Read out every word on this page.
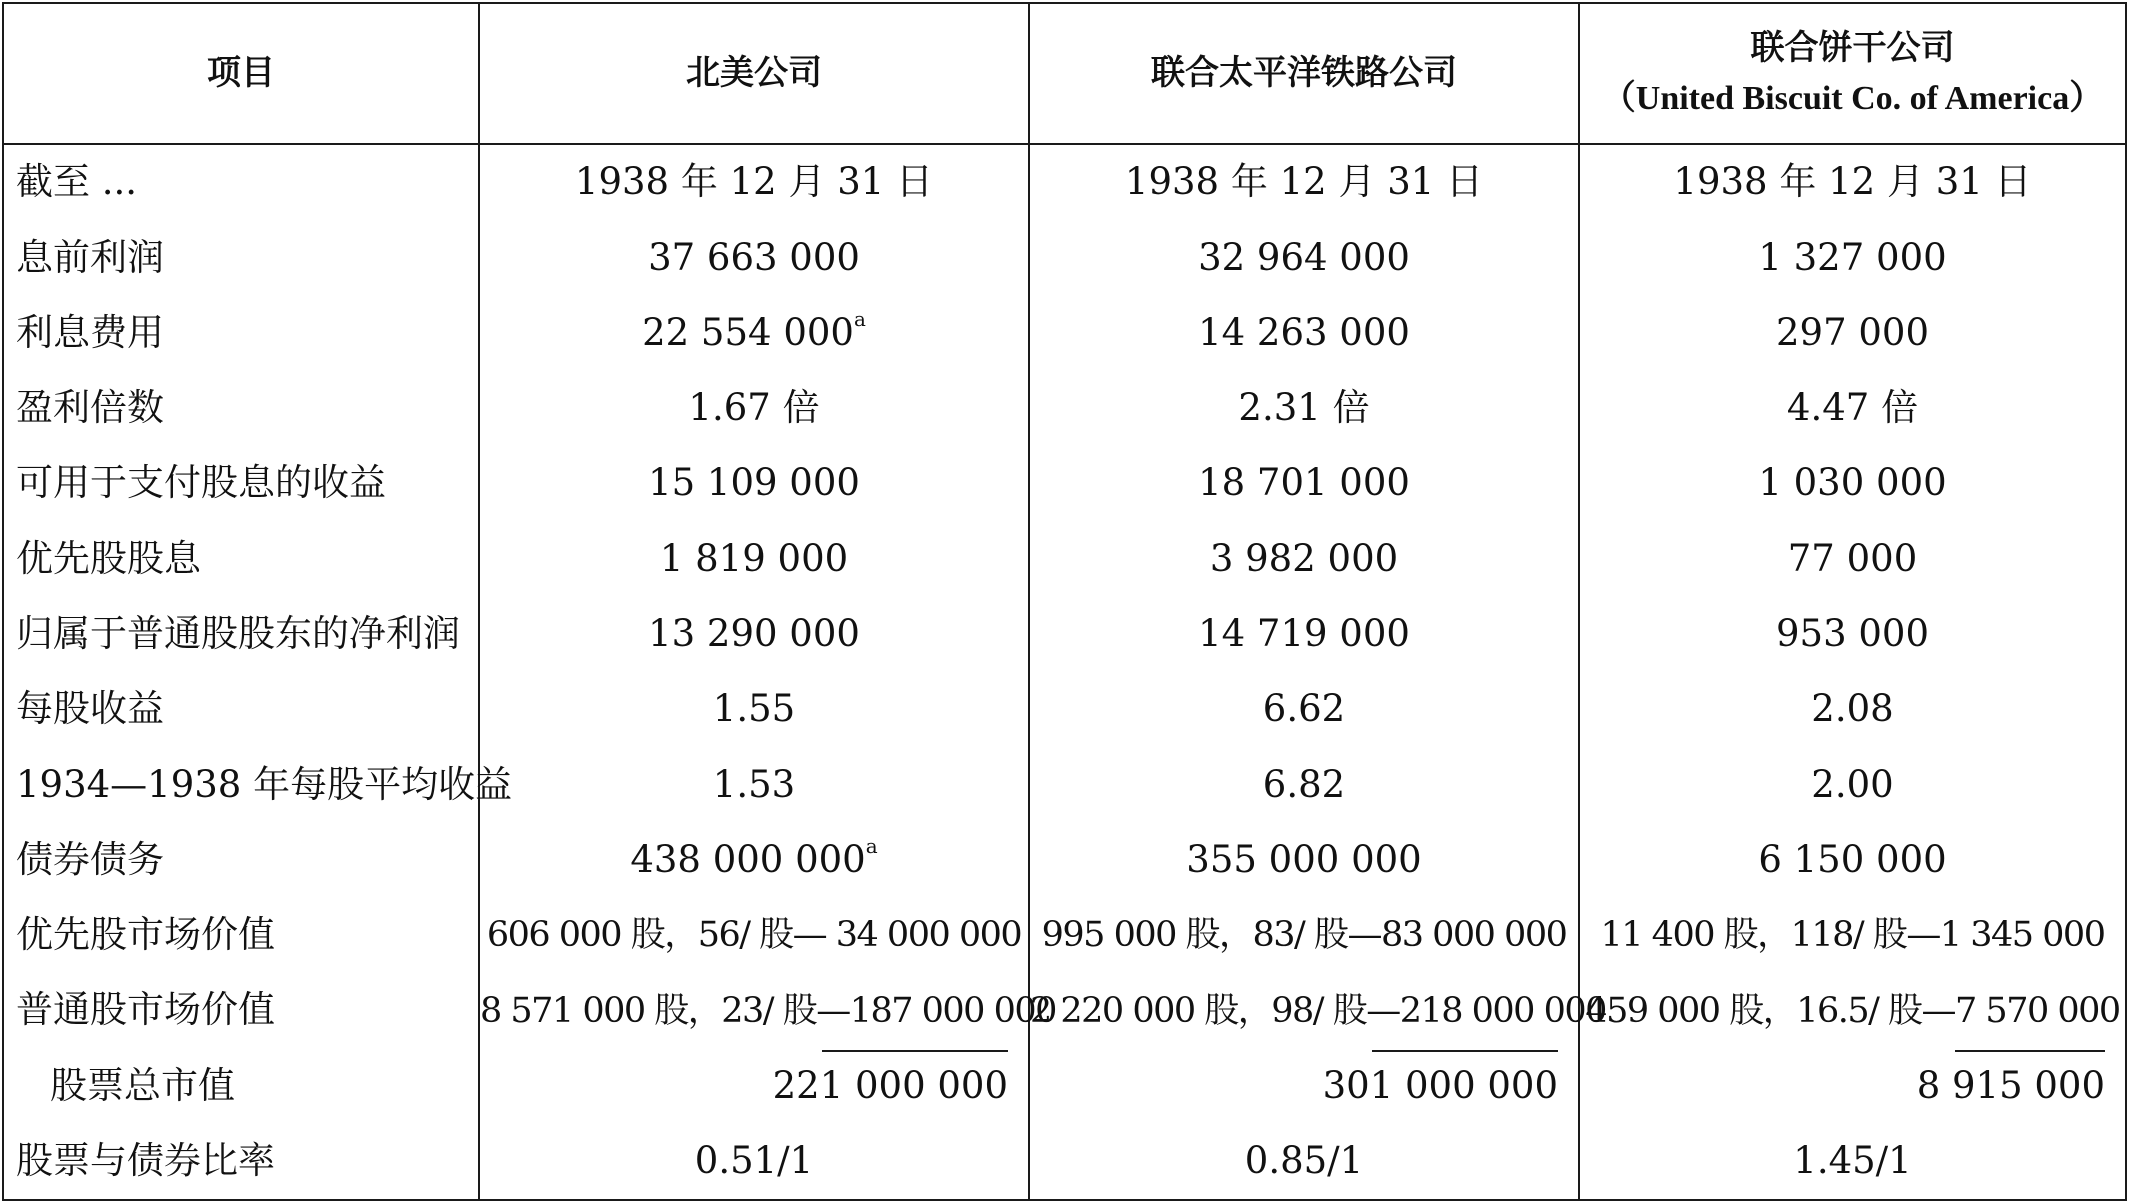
项目	北美公司	联合太平洋铁路公司	联合饼干公司
（United Biscuit Co. of America）

截至 ...	1938 年 12 月 31 日	1938 年 12 月 31 日	1938 年 12 月 31 日
息前利润	37 663 000	32 964 000	1 327 000
利息费用	22 554 000$^a$	14 263 000	297 000
盈利倍数	1.67 倍	2.31 倍	4.47 倍
可用于支付股息的收益	15 109 000	18 701 000	1 030 000
优先股股息	1 819 000	3 982 000	77 000
归属于普通股股东的净利润	13 290 000	14 719 000	953 000
每股收益	1.55	6.62	2.08
1934—1938 年每股平均收益	1.53	6.82	2.00
债券债务	438 000 000$^a$	355 000 000	6 150 000
优先股市场价值	606 000 股，56/ 股— 34 000 000	995 000 股，83/ 股—83 000 000	11 400 股，118/ 股—1 345 000
普通股市场价值	8 571 000 股，23/ 股—187 000 000	2 220 000 股，98/ 股—218 000 000	459 000 股，16.5/ 股—7 570 000
股票总市值	221 000 000	301 000 000	8 915 000
股票与债券比率	0.51/1	0.85/1	1.45/1
